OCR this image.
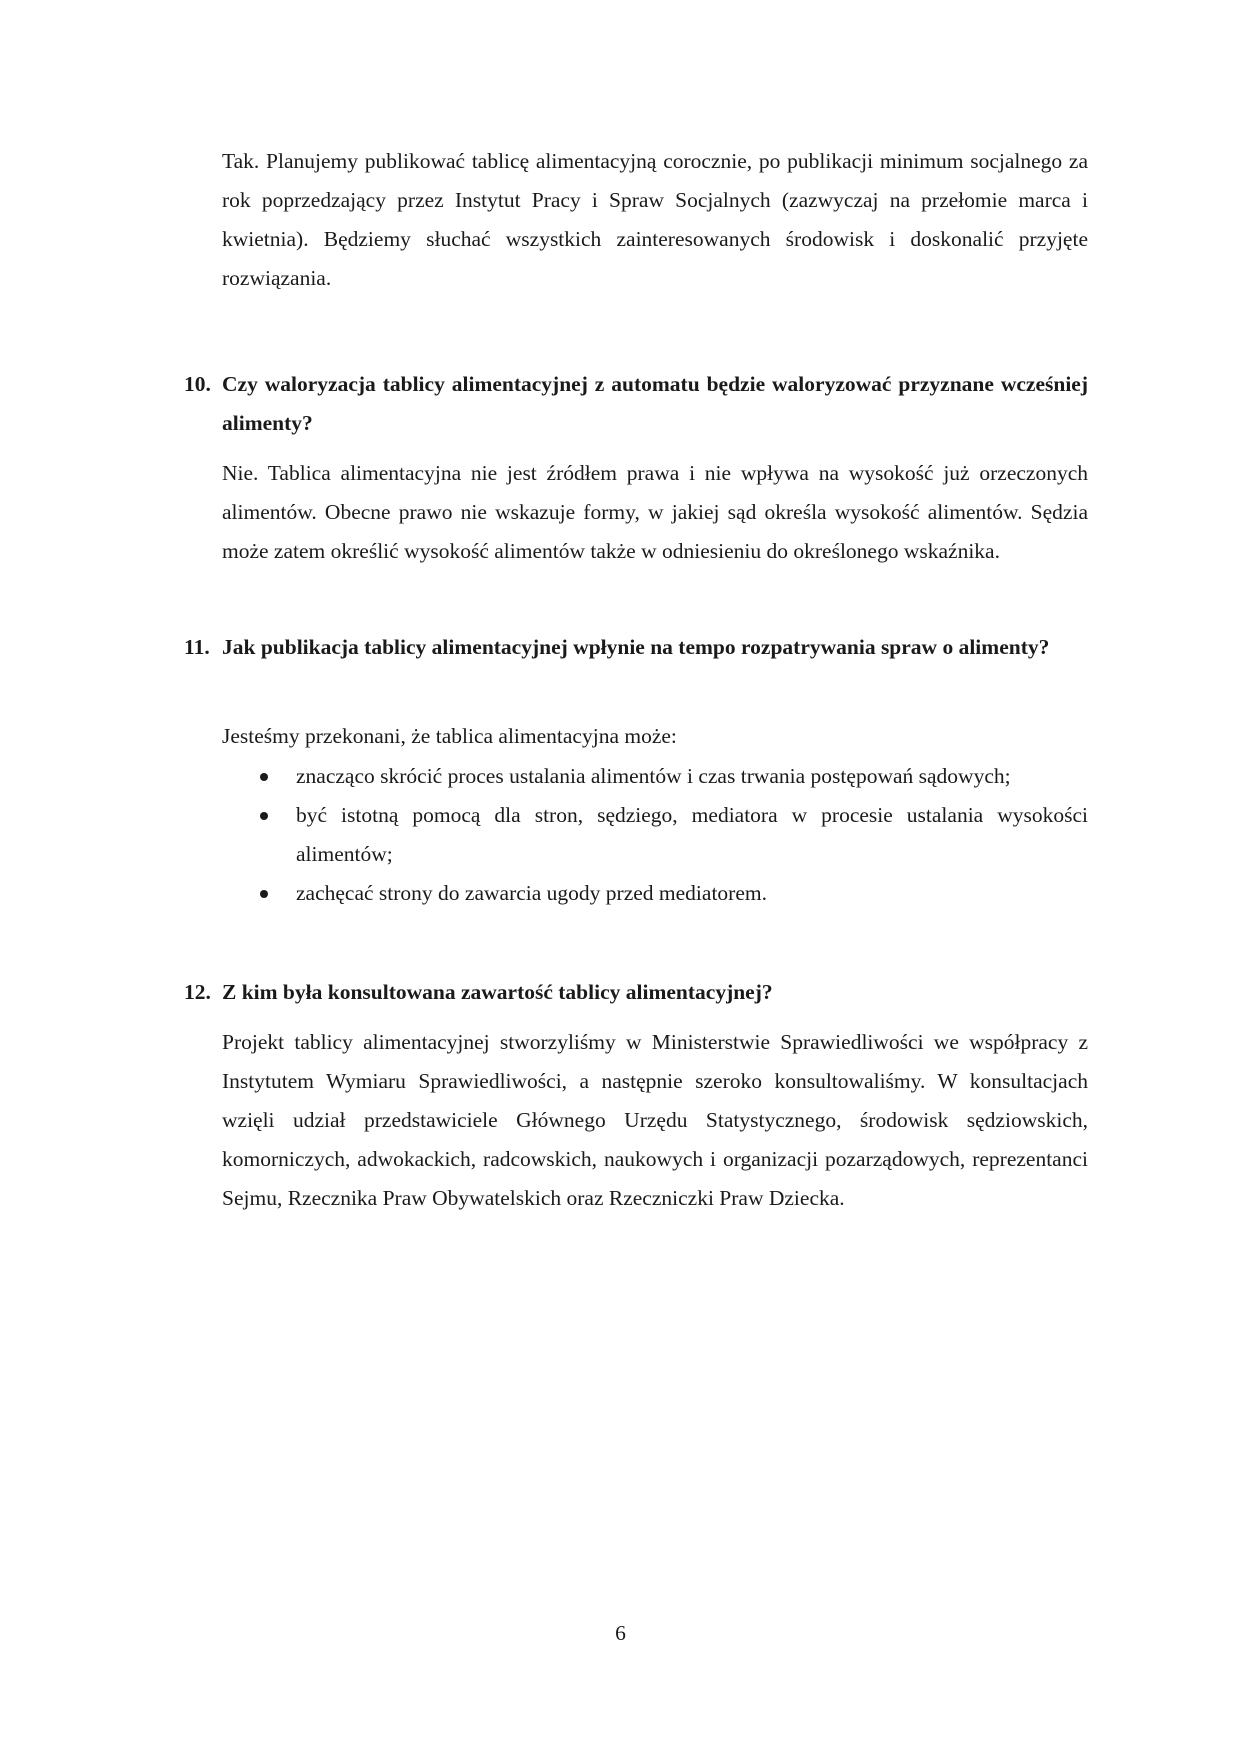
Tak. Planujemy publikować tablicę alimentacyjną corocznie, po publikacji minimum socjalnego za rok poprzedzający przez Instytut Pracy i Spraw Socjalnych (zazwyczaj na przełomie marca i kwietnia). Będziemy słuchać wszystkich zainteresowanych środowisk i doskonalić przyjęte rozwiązania.

10. Czy waloryzacja tablicy alimentacyjnej z automatu będzie waloryzować przyznane wcześniej alimenty?

Nie. Tablica alimentacyjna nie jest źródłem prawa i nie wpływa na wysokość już orzeczonych alimentów. Obecne prawo nie wskazuje formy, w jakiej sąd określa wysokość alimentów. Sędzia może zatem określić wysokość alimentów także w odniesieniu do określonego wskaźnika.

11. Jak publikacja tablicy alimentacyjnej wpłynie na tempo rozpatrywania spraw o alimenty?

Jesteśmy przekonani, że tablica alimentacyjna może:

znacząco skrócić proces ustalania alimentów i czas trwania postępowań sądowych;
być istotną pomocą dla stron, sędziego, mediatora w procesie ustalania wysokości alimentów;
zachęcać strony do zawarcia ugody przed mediatorem.
12. Z kim była konsultowana zawartość tablicy alimentacyjnej?

Projekt tablicy alimentacyjnej stworzyliśmy w Ministerstwie Sprawiedliwości we współpracy z Instytutem Wymiaru Sprawiedliwości, a następnie szeroko konsultowaliśmy. W konsultacjach wzięli udział przedstawiciele Głównego Urzędu Statystycznego, środowisk sędziowskich, komorniczych, adwokackich, radcowskich, naukowych i organizacji pozarządowych, reprezentanci Sejmu, Rzecznika Praw Obywatelskich oraz Rzeczniczki Praw Dziecka.

6
